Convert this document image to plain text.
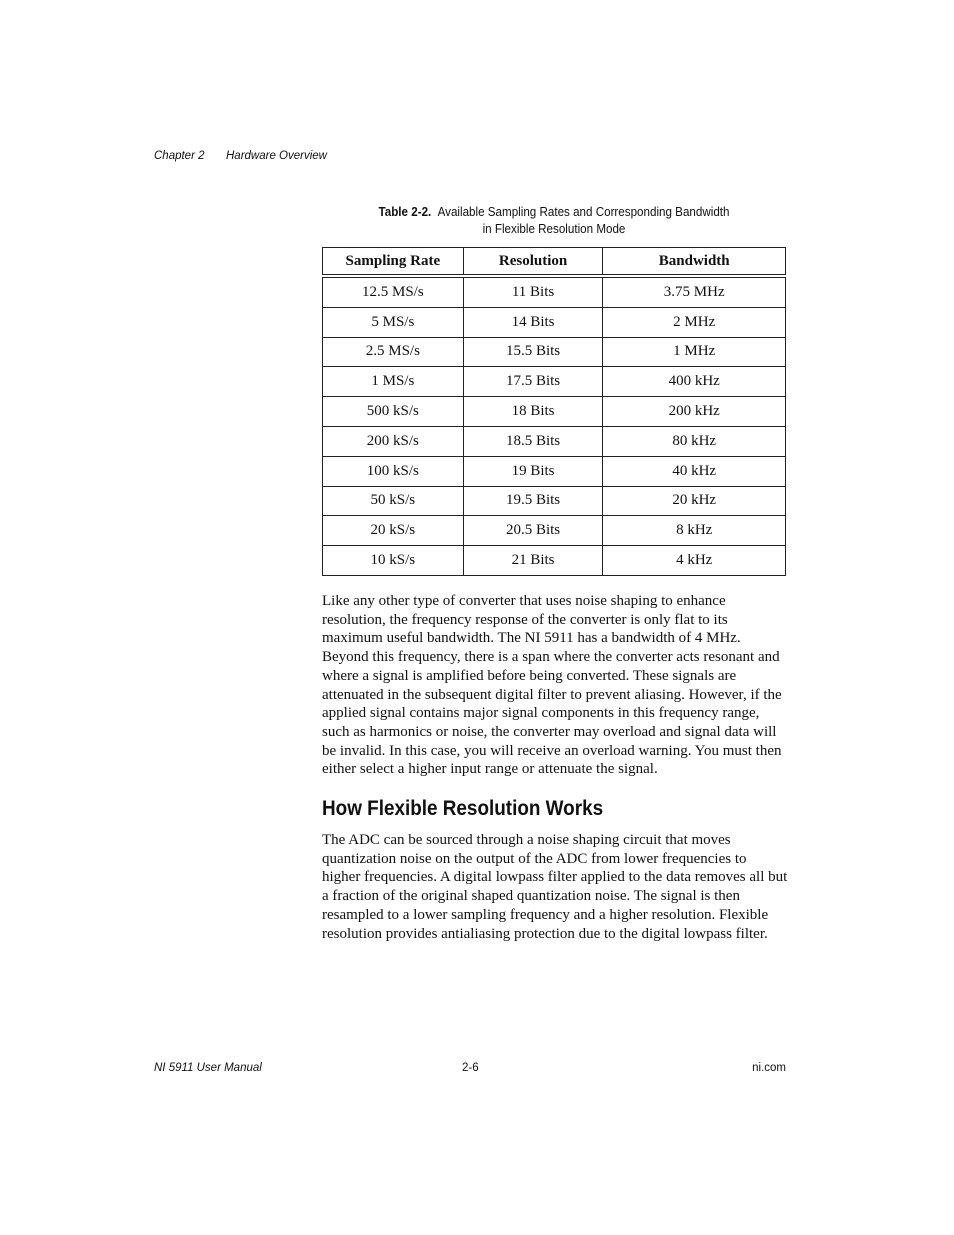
Chapter 2 Hardware Overview
Table 2-2. Available Sampling Rates and Corresponding Bandwidth
in Flexible Resolution Mode
Sampling Rate	Resolution	Bandwidth
12.5 MS/s	11 Bits	3.75 MHz
5 MS/s	14 Bits	2 MHz
2.5 MS/s	15.5 Bits	1 MHz
1 MS/s	17.5 Bits	400 kHz
500 kS/s	18 Bits	200 kHz
200 kS/s	18.5 Bits	80 kHz
100 kS/s	19 Bits	40 kHz
50 kS/s	19.5 Bits	20 kHz
20 kS/s	20.5 Bits	8 kHz
10 kS/s	21 Bits	4 kHz
Like any other type of converter that uses noise shaping to enhance resolution, the frequency response of the converter is only flat to its maximum useful bandwidth. The NI 5911 has a bandwidth of 4 MHz. Beyond this frequency, there is a span where the converter acts resonant and where a signal is amplified before being converted. These signals are attenuated in the subsequent digital filter to prevent aliasing. However, if the applied signal contains major signal components in this frequency range, such as harmonics or noise, the converter may overload and signal data will be invalid. In this case, you will receive an overload warning. You must then either select a higher input range or attenuate the signal.
How Flexible Resolution Works
The ADC can be sourced through a noise shaping circuit that moves quantization noise on the output of the ADC from lower frequencies to higher frequencies. A digital lowpass filter applied to the data removes all but a fraction of the original shaped quantization noise. The signal is then resampled to a lower sampling frequency and a higher resolution. Flexible resolution provides antialiasing protection due to the digital lowpass filter.
NI 5911 User Manual	2-6	ni.com
